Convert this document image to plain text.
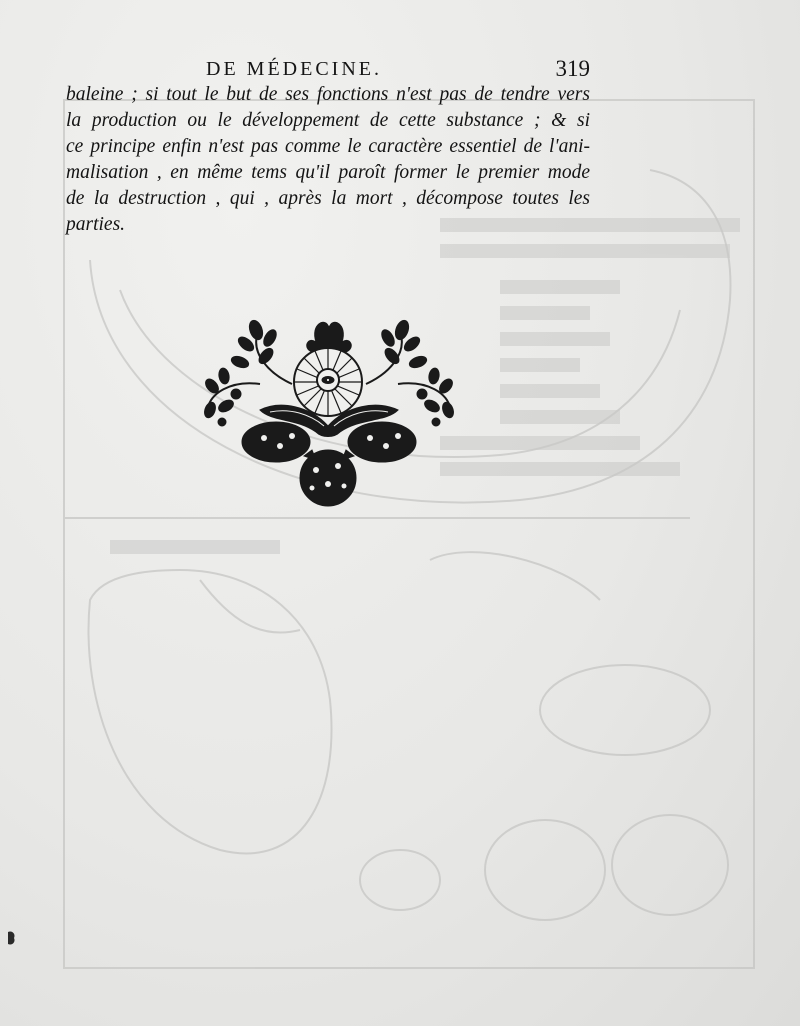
DE MÉDECINE.	319
baleine ; si tout le but de ses fonctions n'est pas de tendre vers
la production ou le développement de cette substance ; & si
ce principe enfin n'est pas comme le caractère essentiel de l'ani-
malisation , en même tems qu'il paroît former le premier mode
de la destruction , qui , après la mort , décompose toutes les
parties.
